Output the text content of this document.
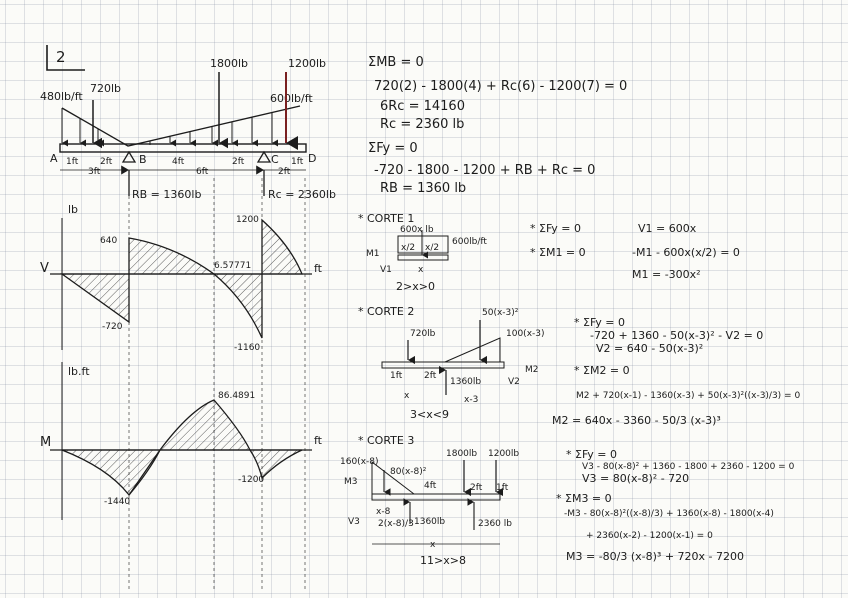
2
480lb/ft
720lb
1800lb	1200lb
600lb/ft
A	B	C	D
1ft 2ft	4ft	2ft	1ft
3ft	6ft	2ft
RB = 1360lb	Rc = 2360lb
lb
V	ft
640
1200
-720
-1160
6.57771
lb.ft
M	ft
86.4891
-1440
-1200
ΣMB = 0
720(2) - 1800(4) + Rc(6) - 1200(7) = 0
6Rc = 14160
Rc = 2360 lb
ΣFy = 0
-720 - 1800 - 1200 + RB + Rc = 0
RB = 1360 lb
* CORTE 1
600x lb
600lb/ft
x/2 x/2
M1
V1	x
2>x>0
* ΣFy = 0
* ΣM1 = 0
V1 = 600x
-M1 - 600x(x/2) = 0
M1 = -300x²
* CORTE 2
720lb
50(x-3)²
100(x-3)
M2
V2
1ft 2ft
1360lb
x	x-3
3<x<9
* ΣFy = 0
-720 + 1360 - 50(x-3)² - V2 = 0
V2 = 640 - 50(x-3)²
* ΣM2 = 0
M2 + 720(x-1) - 1360(x-3) + 50(x-3)²((x-3)/3) = 0
M2 = 640x - 3360 - 50/3 (x-3)³
* CORTE 3
160(x-8)
80(x-8)²
1800lb 1200lb
4ft	2ft 1ft
M3
V3
x-8
2(x-8)/3 1360lb	2360 lb
x
11>x>8
* ΣFy = 0
V3 - 80(x-8)² + 1360 - 1800 + 2360 - 1200 = 0
V3 = 80(x-8)² - 720
* ΣM3 = 0
-M3 - 80(x-8)²((x-8)/3) + 1360(x-8) - 1800(x-4)
+ 2360(x-2) - 1200(x-1) = 0
M3 = -80/3 (x-8)³ + 720x - 7200
